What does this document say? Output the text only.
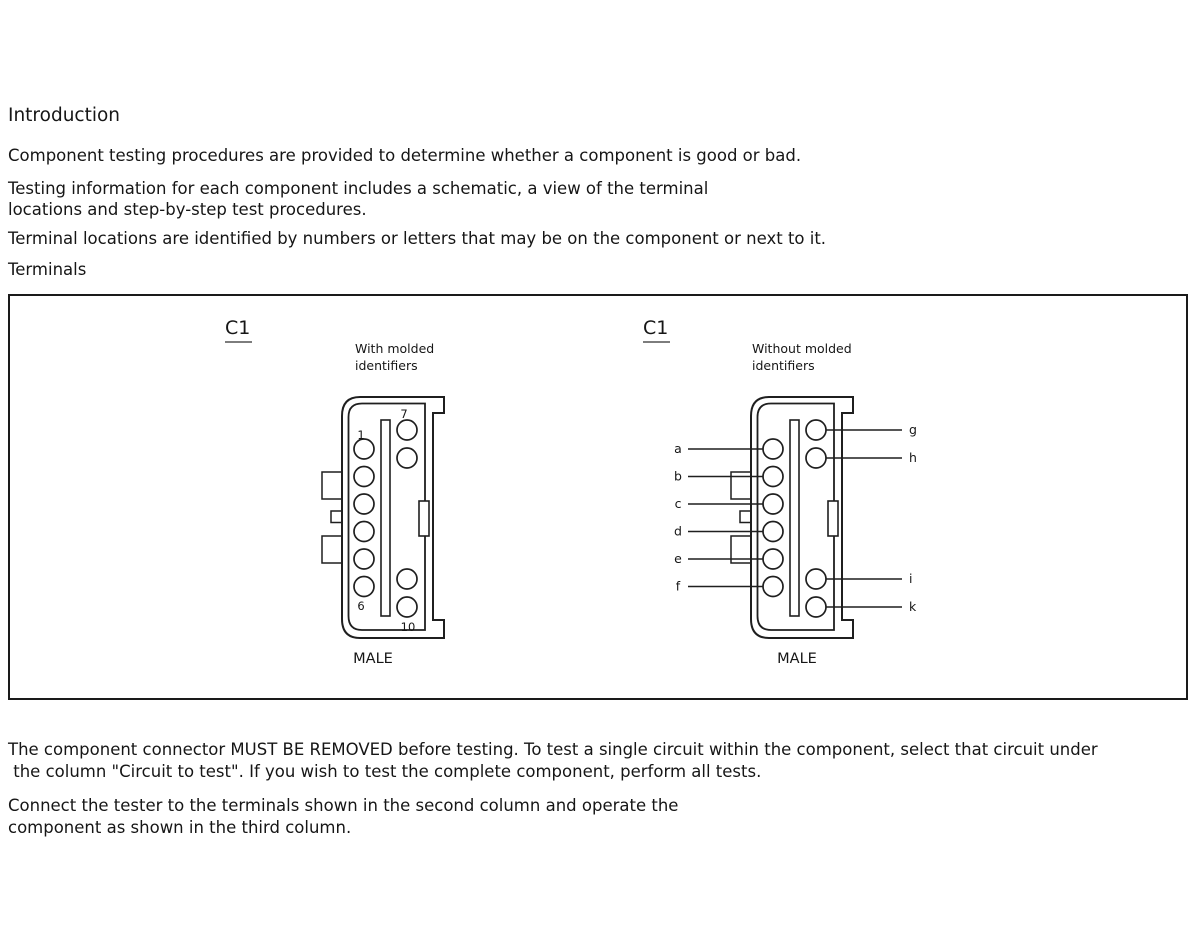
Introduction
Component testing procedures are provided to determine whether a component is good or bad.
Testing information for each component includes a schematic, a view of the terminal
locations and step-by-step test procedures.
Terminal locations are identified by numbers or letters that may be on the component or next to it.
Terminals
1
6
7
10
a
b
c
d
e
f
g
h
i
k
C1
With molded
identifiers
MALE
C1
Without molded
identifiers
MALE
The component connector MUST BE REMOVED before testing. To test a single circuit within the component, select that circuit under
the column "Circuit to test". If you wish to test the complete component, perform all tests.
Connect the tester to the terminals shown in the second column and operate the
component as shown in the third column.
